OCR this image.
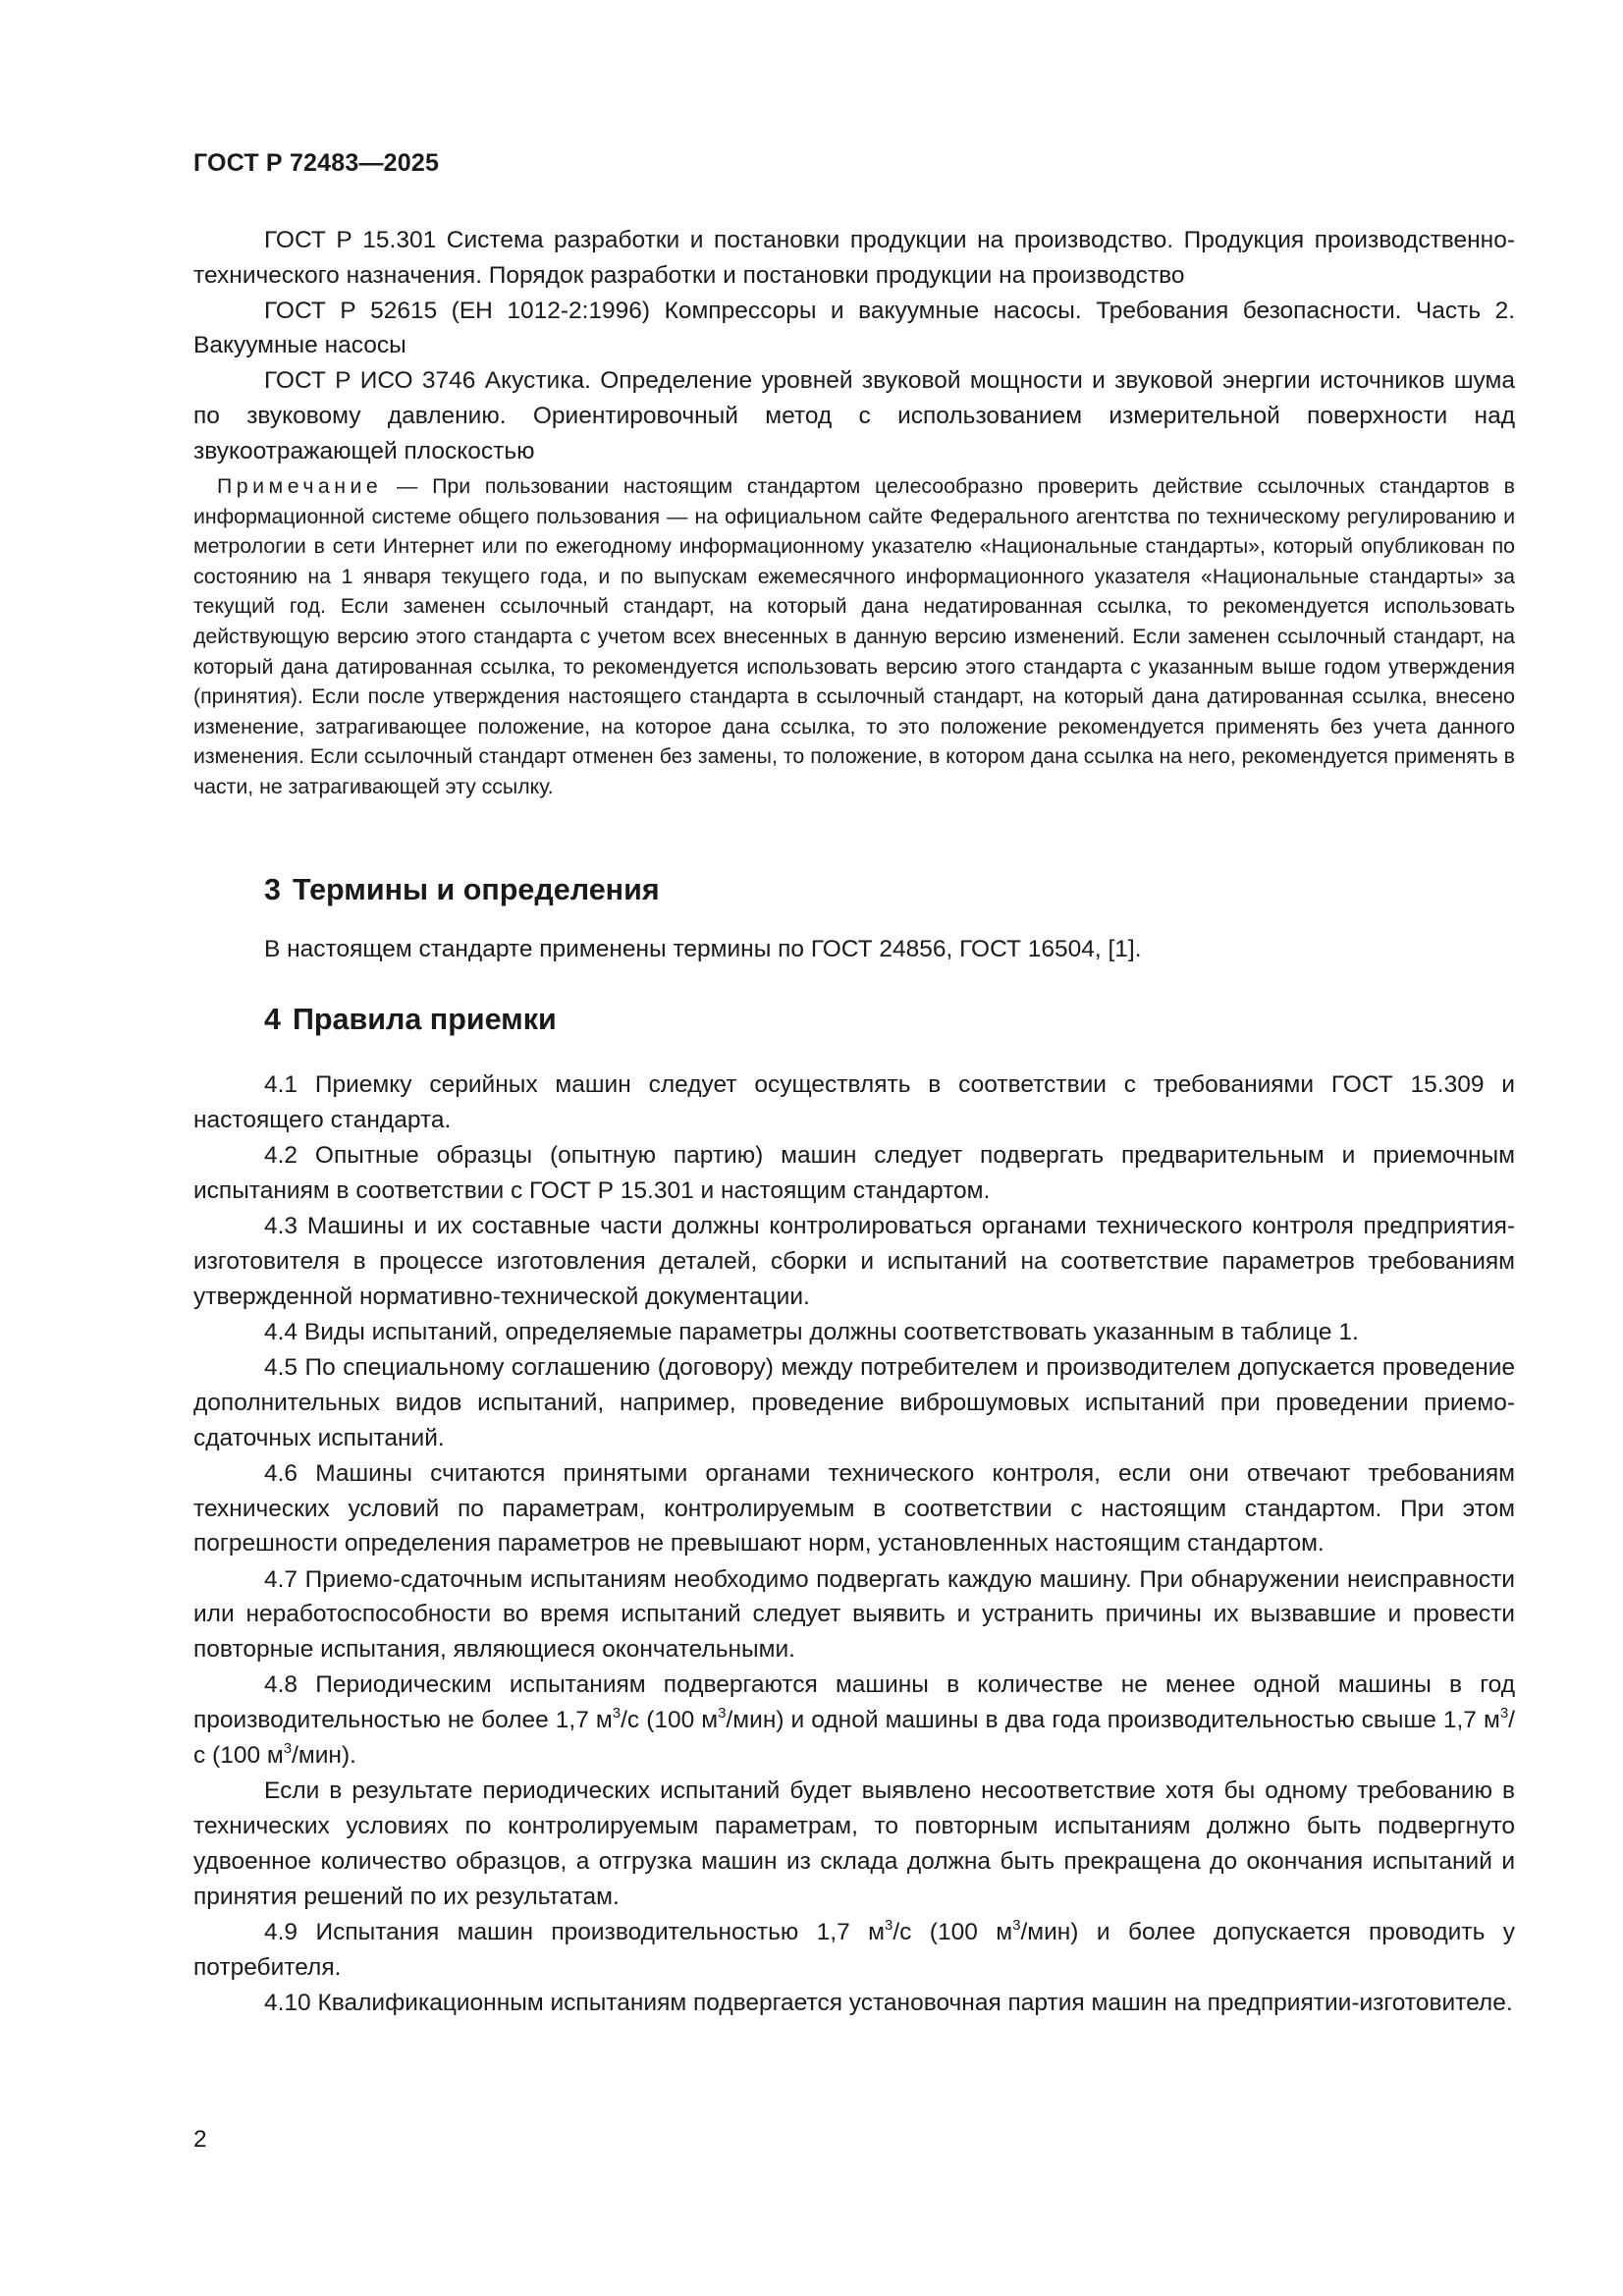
ГОСТ Р 72483—2025

ГОСТ Р 15.301 Система разработки и постановки продукции на производство. Продукция производственно-технического назначения. Порядок разработки и постановки продукции на производство

ГОСТ Р 52615 (ЕН 1012-2:1996) Компрессоры и вакуумные насосы. Требования безопасности. Часть 2. Вакуумные насосы

ГОСТ Р ИСО 3746 Акустика. Определение уровней звуковой мощности и звуковой энергии источников шума по звуковому давлению. Ориентировочный метод с использованием измерительной поверхности над звукоотражающей плоскостью

Примечание — При пользовании настоящим стандартом целесообразно проверить действие ссылочных стандартов в информационной системе общего пользования — на официальном сайте Федерального агентства по техническому регулированию и метрологии в сети Интернет или по ежегодному информационному указателю «Национальные стандарты», который опубликован по состоянию на 1 января текущего года, и по выпускам ежемесячного информационного указателя «Национальные стандарты» за текущий год. Если заменен ссылочный стандарт, на который дана недатированная ссылка, то рекомендуется использовать действующую версию этого стандарта с учетом всех внесенных в данную версию изменений. Если заменен ссылочный стандарт, на который дана датированная ссылка, то рекомендуется использовать версию этого стандарта с указанным выше годом утверждения (принятия). Если после утверждения настоящего стандарта в ссылочный стандарт, на который дана датированная ссылка, внесено изменение, затрагивающее положение, на которое дана ссылка, то это положение рекомендуется применять без учета данного изменения. Если ссылочный стандарт отменен без замены, то положение, в котором дана ссылка на него, рекомендуется применять в части, не затрагивающей эту ссылку.
3 Термины и определения
В настоящем стандарте применены термины по ГОСТ 24856, ГОСТ 16504, [1].
4 Правила приемки

4.1 Приемку серийных машин следует осуществлять в соответствии с требованиями ГОСТ 15.309 и настоящего стандарта.

4.2 Опытные образцы (опытную партию) машин следует подвергать предварительным и приемочным испытаниям в соответствии с ГОСТ Р 15.301 и настоящим стандартом.

4.3 Машины и их составные части должны контролироваться органами технического контроля предприятия-изготовителя в процессе изготовления деталей, сборки и испытаний на соответствие параметров требованиям утвержденной нормативно-технической документации.

4.4 Виды испытаний, определяемые параметры должны соответствовать указанным в таблице 1.

4.5 По специальному соглашению (договору) между потребителем и производителем допускается проведение дополнительных видов испытаний, например, проведение виброшумовых испытаний при проведении приемо-сдаточных испытаний.

4.6 Машины считаются принятыми органами технического контроля, если они отвечают требованиям технических условий по параметрам, контролируемым в соответствии с настоящим стандартом. При этом погрешности определения параметров не превышают норм, установленных настоящим стандартом.

4.7 Приемо-сдаточным испытаниям необходимо подвергать каждую машину. При обнаружении неисправности или неработоспособности во время испытаний следует выявить и устранить причины их вызвавшие и провести повторные испытания, являющиеся окончательными.

4.8 Периодическим испытаниям подвергаются машины в количестве не менее одной машины в год производительностью не более 1,7 $м^3/с$ (100 $м^3/мин$) и одной машины в два года производительностью свыше 1,7 $м^3/с$ (100 $м^3/мин$).

Если в результате периодических испытаний будет выявлено несоответствие хотя бы одному требованию в технических условиях по контролируемым параметрам, то повторным испытаниям должно быть подвергнуто удвоенное количество образцов, а отгрузка машин из склада должна быть прекращена до окончания испытаний и принятия решений по их результатам.

4.9 Испытания машин производительностью 1,7 $м^3/с$ (100 $м^3/мин$) и более допускается проводить у потребителя.

4.10 Квалификационным испытаниям подвергается установочная партия машин на предприятии-изготовителе.

2
